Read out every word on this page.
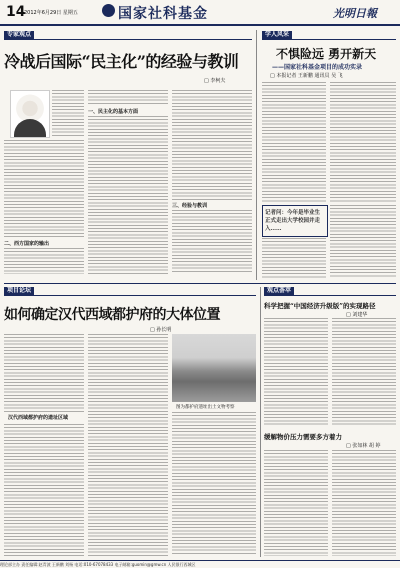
14
2012年6月29日 星期五	国家社科基金	光明日報
专家观点
冷战后国际“民主化”的经验与教训
□ 李柯夫
二、西方国家的输出
一、民主化的基本方面
三、经验与教训
学人风采
不惧险远 勇开新天
——国家社科基金项目的成功实录
□ 本报记者 王新鹏 通讯员 吴 飞
记者问：今年是毕业生正式走出大学校园并走入……
项目论坛
如何确定汉代西域都护府的大体位置
□ 孙长明
汉代西域都护府的遗址区域
图为都护府遗址出土文物考察
观点荟萃
科学把握“中国经济升级版”的实现路径
□ 刘建华
缓解物价压力需要多方着力
□ 张如林 胡 婷
理论部主办 责任编辑:赵青波 王新鹏 刘杨 电话:010-67078433 电子邮箱:guomin@gmw.cn 人民银行西城区
